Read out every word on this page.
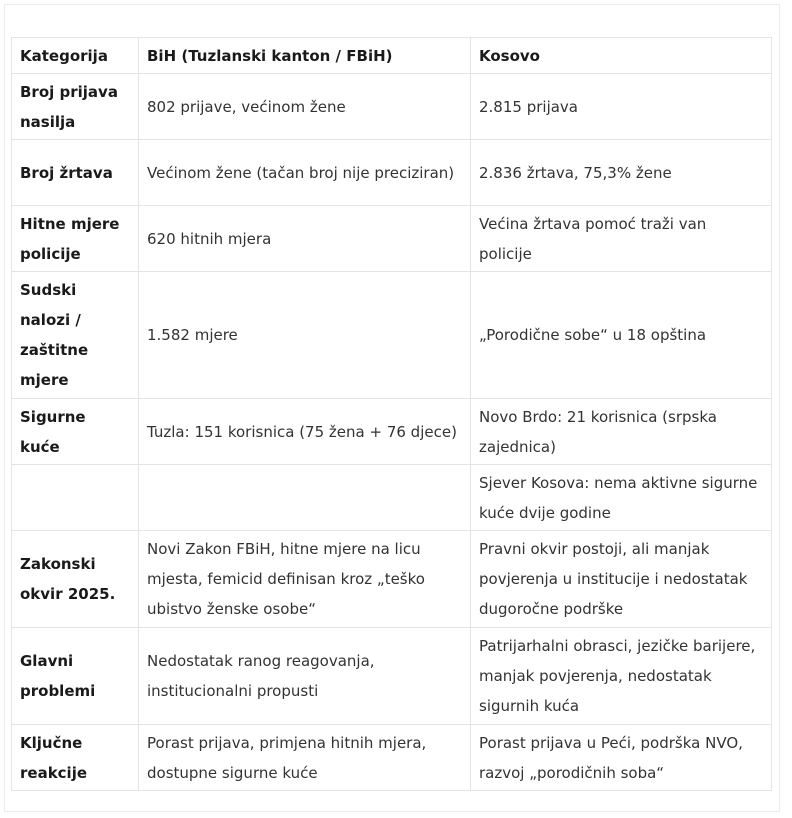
Kategorija	BiH (Tuzlanski kanton / FBiH)	Kosovo
Broj prijava nasilja	802 prijave, većinom žene	2.815 prijava
Broj žrtava	Većinom žene (tačan broj nije preciziran)	2.836 žrtava, 75,3% žene
Hitne mjere policije	620 hitnih mjera	Većina žrtava pomoć traži van policije
Sudski nalozi / zaštitne mjere	1.582 mjere	„Porodične sobe“ u 18 opština
Sigurne kuće	Tuzla: 151 korisnica (75 žena + 76 djece)	Novo Brdo: 21 korisnica (srpska zajednica)
		Sjever Kosova: nema aktivne sigurne kuće dvije godine
Zakonski okvir 2025.	Novi Zakon FBiH, hitne mjere na licu mjesta, femicid definisan kroz „teško ubistvo ženske osobe“	Pravni okvir postoji, ali manjak povjerenja u institucije i nedostatak dugoročne podrške
Glavni problemi	Nedostatak ranog reagovanja, institucionalni propusti	Patrijarhalni obrasci, jezičke barijere, manjak povjerenja, nedostatak sigurnih kuća
Ključne reakcije	Porast prijava, primjena hitnih mjera, dostupne sigurne kuće	Porast prijava u Peći, podrška NVO, razvoj „porodičnih soba“
